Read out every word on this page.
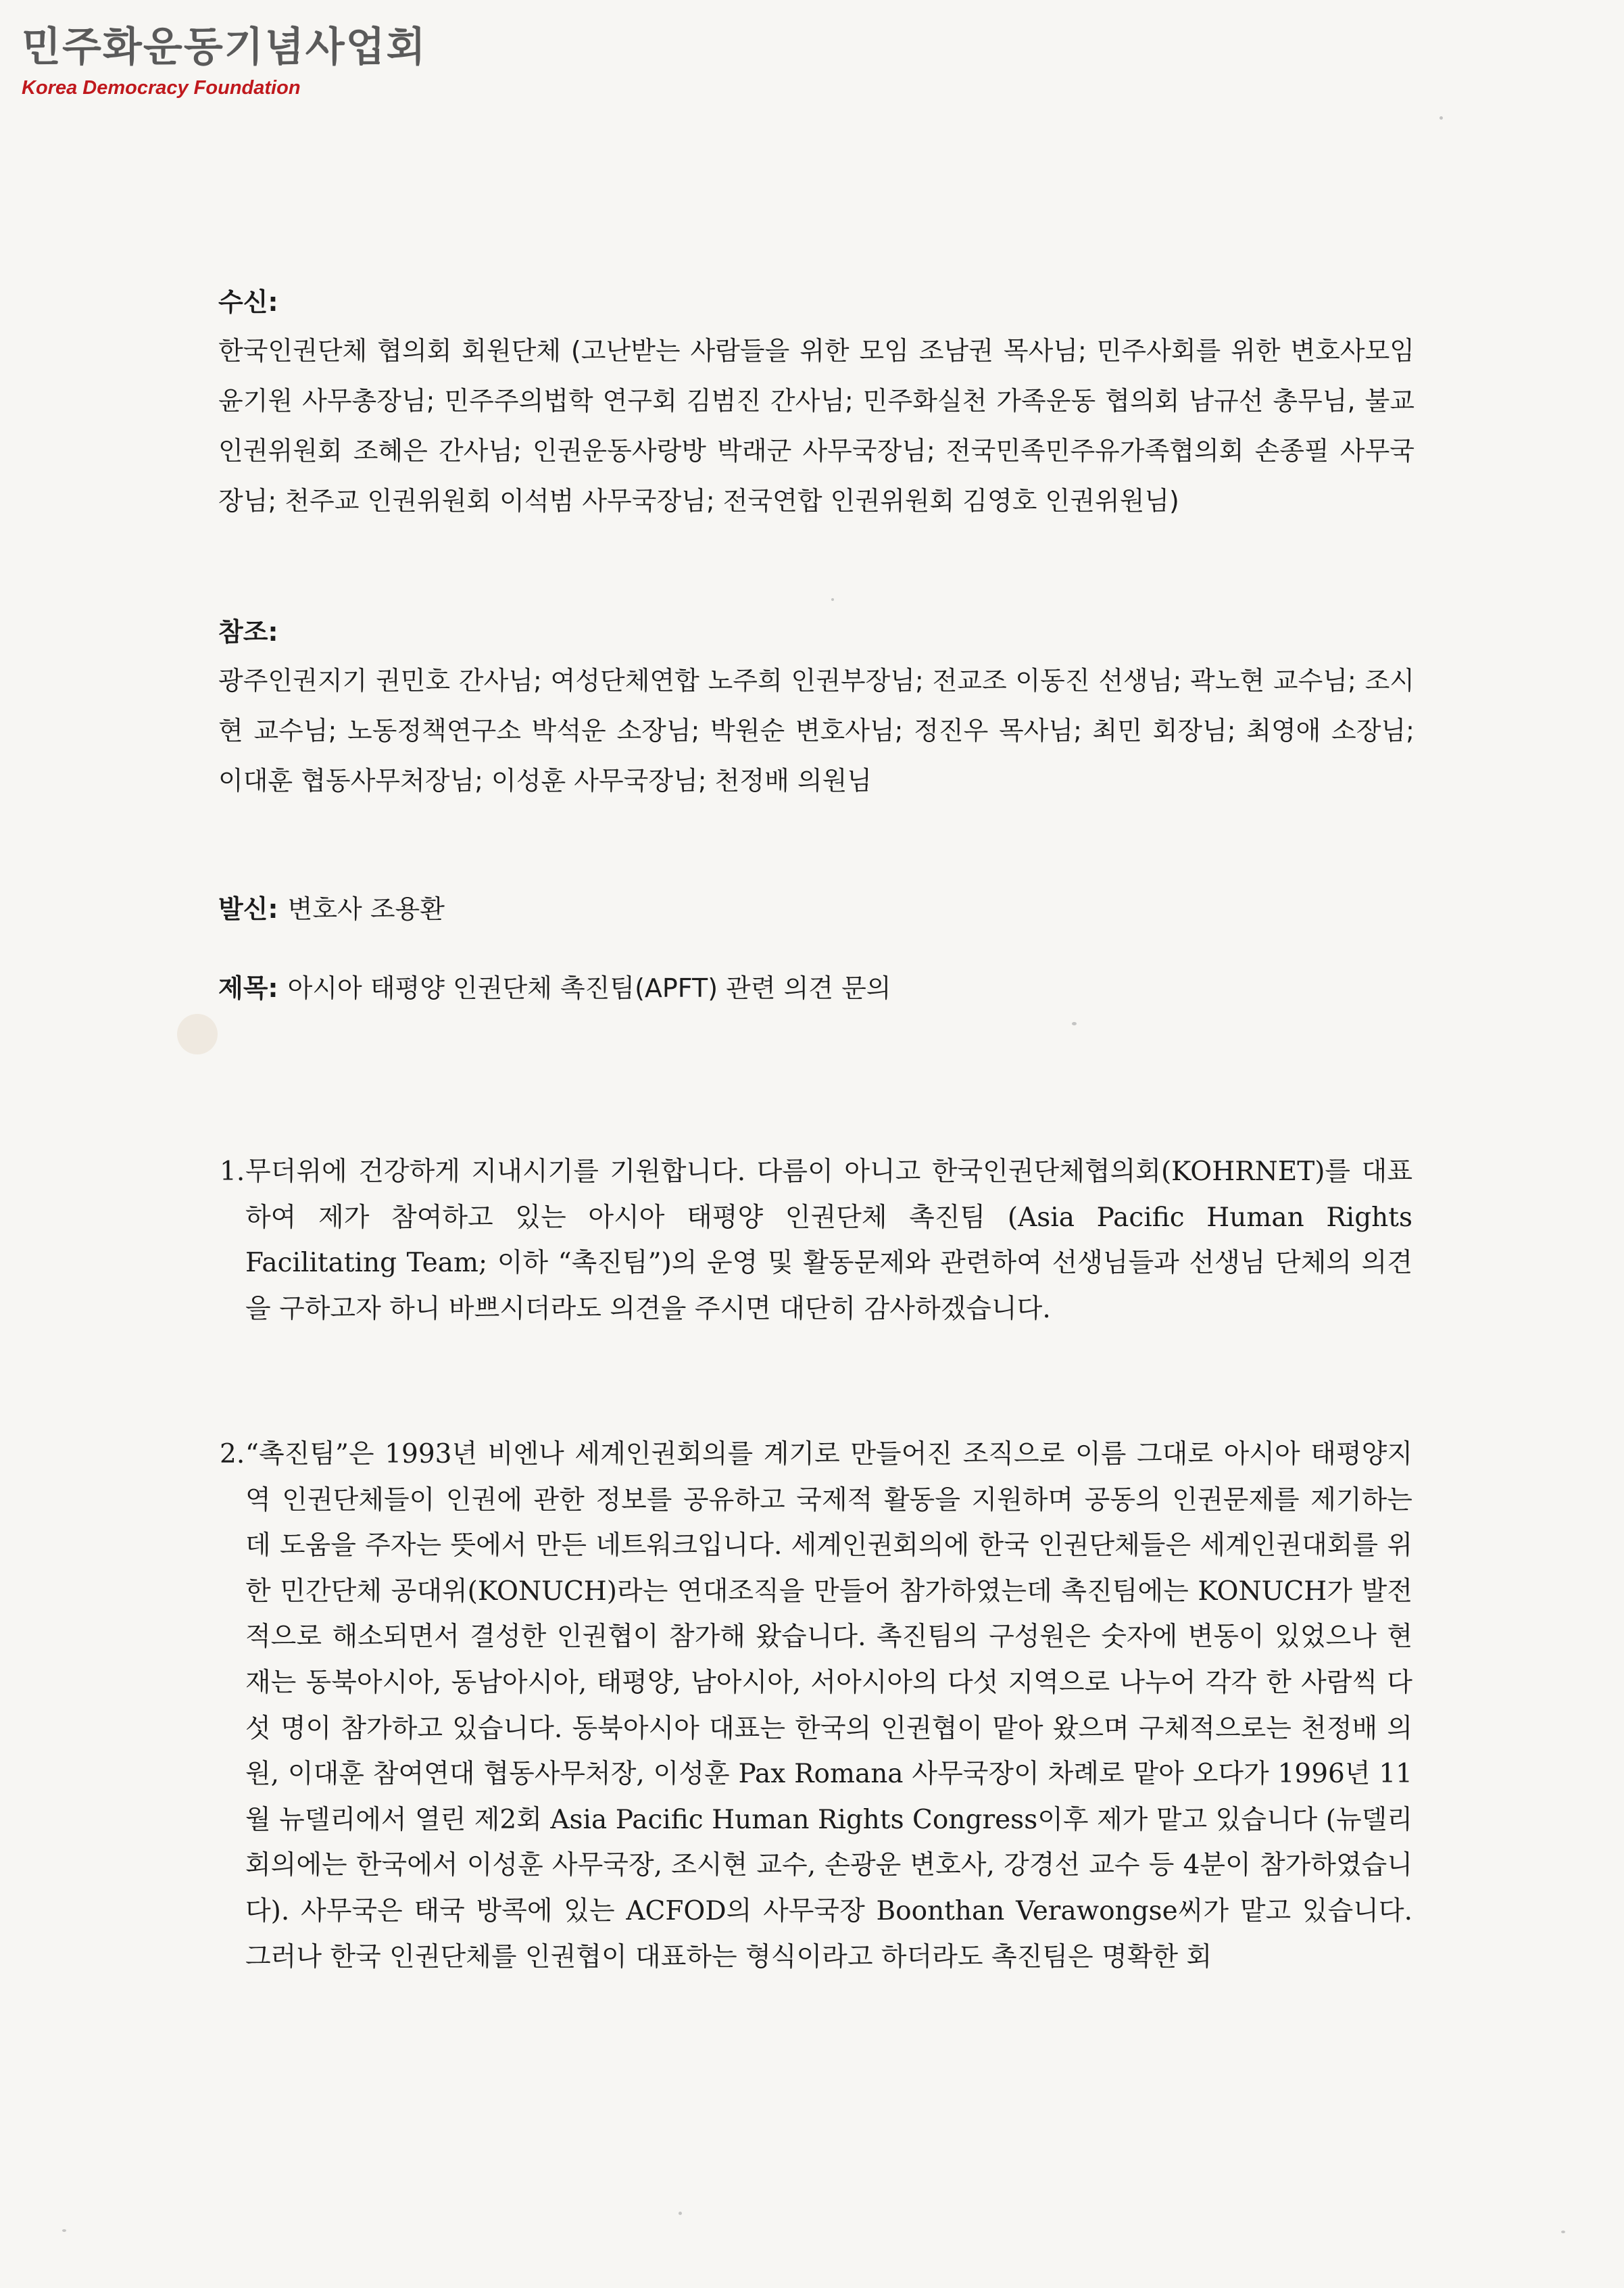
민주화운동기념사업회
Korea Democracy Foundation
수신:
한국인권단체 협의회 회원단체 (고난받는 사람들을 위한 모임 조남권 목사님; 민주사회를 위한 변호사모임 윤기원 사무총장님; 민주주의법학 연구회 김범진 간사님; 민주화실천 가족운동 협의회 남규선 총무님, 불교인권위원회 조혜은 간사님; 인권운동사랑방 박래군 사무국장님; 전국민족민주유가족협의회 손종필 사무국장님; 천주교 인권위원회 이석범 사무국장님; 전국연합 인권위원회 김영호 인권위원님)
참조:
광주인권지기 권민호 간사님; 여성단체연합 노주희 인권부장님; 전교조 이동진 선생님; 곽노현 교수님; 조시현 교수님; 노동정책연구소 박석운 소장님; 박원순 변호사님; 정진우 목사님; 최민 회장님; 최영애 소장님; 이대훈 협동사무처장님; 이성훈 사무국장님; 천정배 의원님
발신: 변호사 조용환
제목: 아시아 태평양 인권단체 촉진팀(APFT) 관련 의견 문의
1. 무더위에 건강하게 지내시기를 기원합니다. 다름이 아니고 한국인권단체협의회(KOHRNET)를 대표하여 제가 참여하고 있는 아시아 태평양 인권단체 촉진팀 (Asia Pacific Human Rights Facilitating Team; 이하 “촉진팀”)의 운영 및 활동문제와 관련하여 선생님들과 선생님 단체의 의견을 구하고자 하니 바쁘시더라도 의견을 주시면 대단히 감사하겠습니다.
2. “촉진팀”은 1993년 비엔나 세계인권회의를 계기로 만들어진 조직으로 이름 그대로 아시아 태평양지역 인권단체들이 인권에 관한 정보를 공유하고 국제적 활동을 지원하며 공동의 인권문제를 제기하는 데 도움을 주자는 뜻에서 만든 네트워크입니다. 세계인권회의에 한국 인권단체들은 세계인권대회를 위한 민간단체 공대위(KONUCH)라는 연대조직을 만들어 참가하였는데 촉진팀에는 KONUCH가 발전적으로 해소되면서 결성한 인권협이 참가해 왔습니다. 촉진팀의 구성원은 숫자에 변동이 있었으나 현재는 동북아시아, 동남아시아, 태평양, 남아시아, 서아시아의 다섯 지역으로 나누어 각각 한 사람씩 다섯 명이 참가하고 있습니다. 동북아시아 대표는 한국의 인권협이 맡아 왔으며 구체적으로는 천정배 의원, 이대훈 참여연대 협동사무처장, 이성훈 Pax Romana 사무국장이 차례로 맡아 오다가 1996년 11월 뉴델리에서 열린 제2회 Asia Pacific Human Rights Congress이후 제가 맡고 있습니다 (뉴델리 회의에는 한국에서 이성훈 사무국장, 조시현 교수, 손광운 변호사, 강경선 교수 등 4분이 참가하였습니다). 사무국은 태국 방콕에 있는 ACFOD의 사무국장 Boonthan Verawongse씨가 맡고 있습니다. 그러나 한국 인권단체를 인권협이 대표하는 형식이라고 하더라도 촉진팀은 명확한 회
